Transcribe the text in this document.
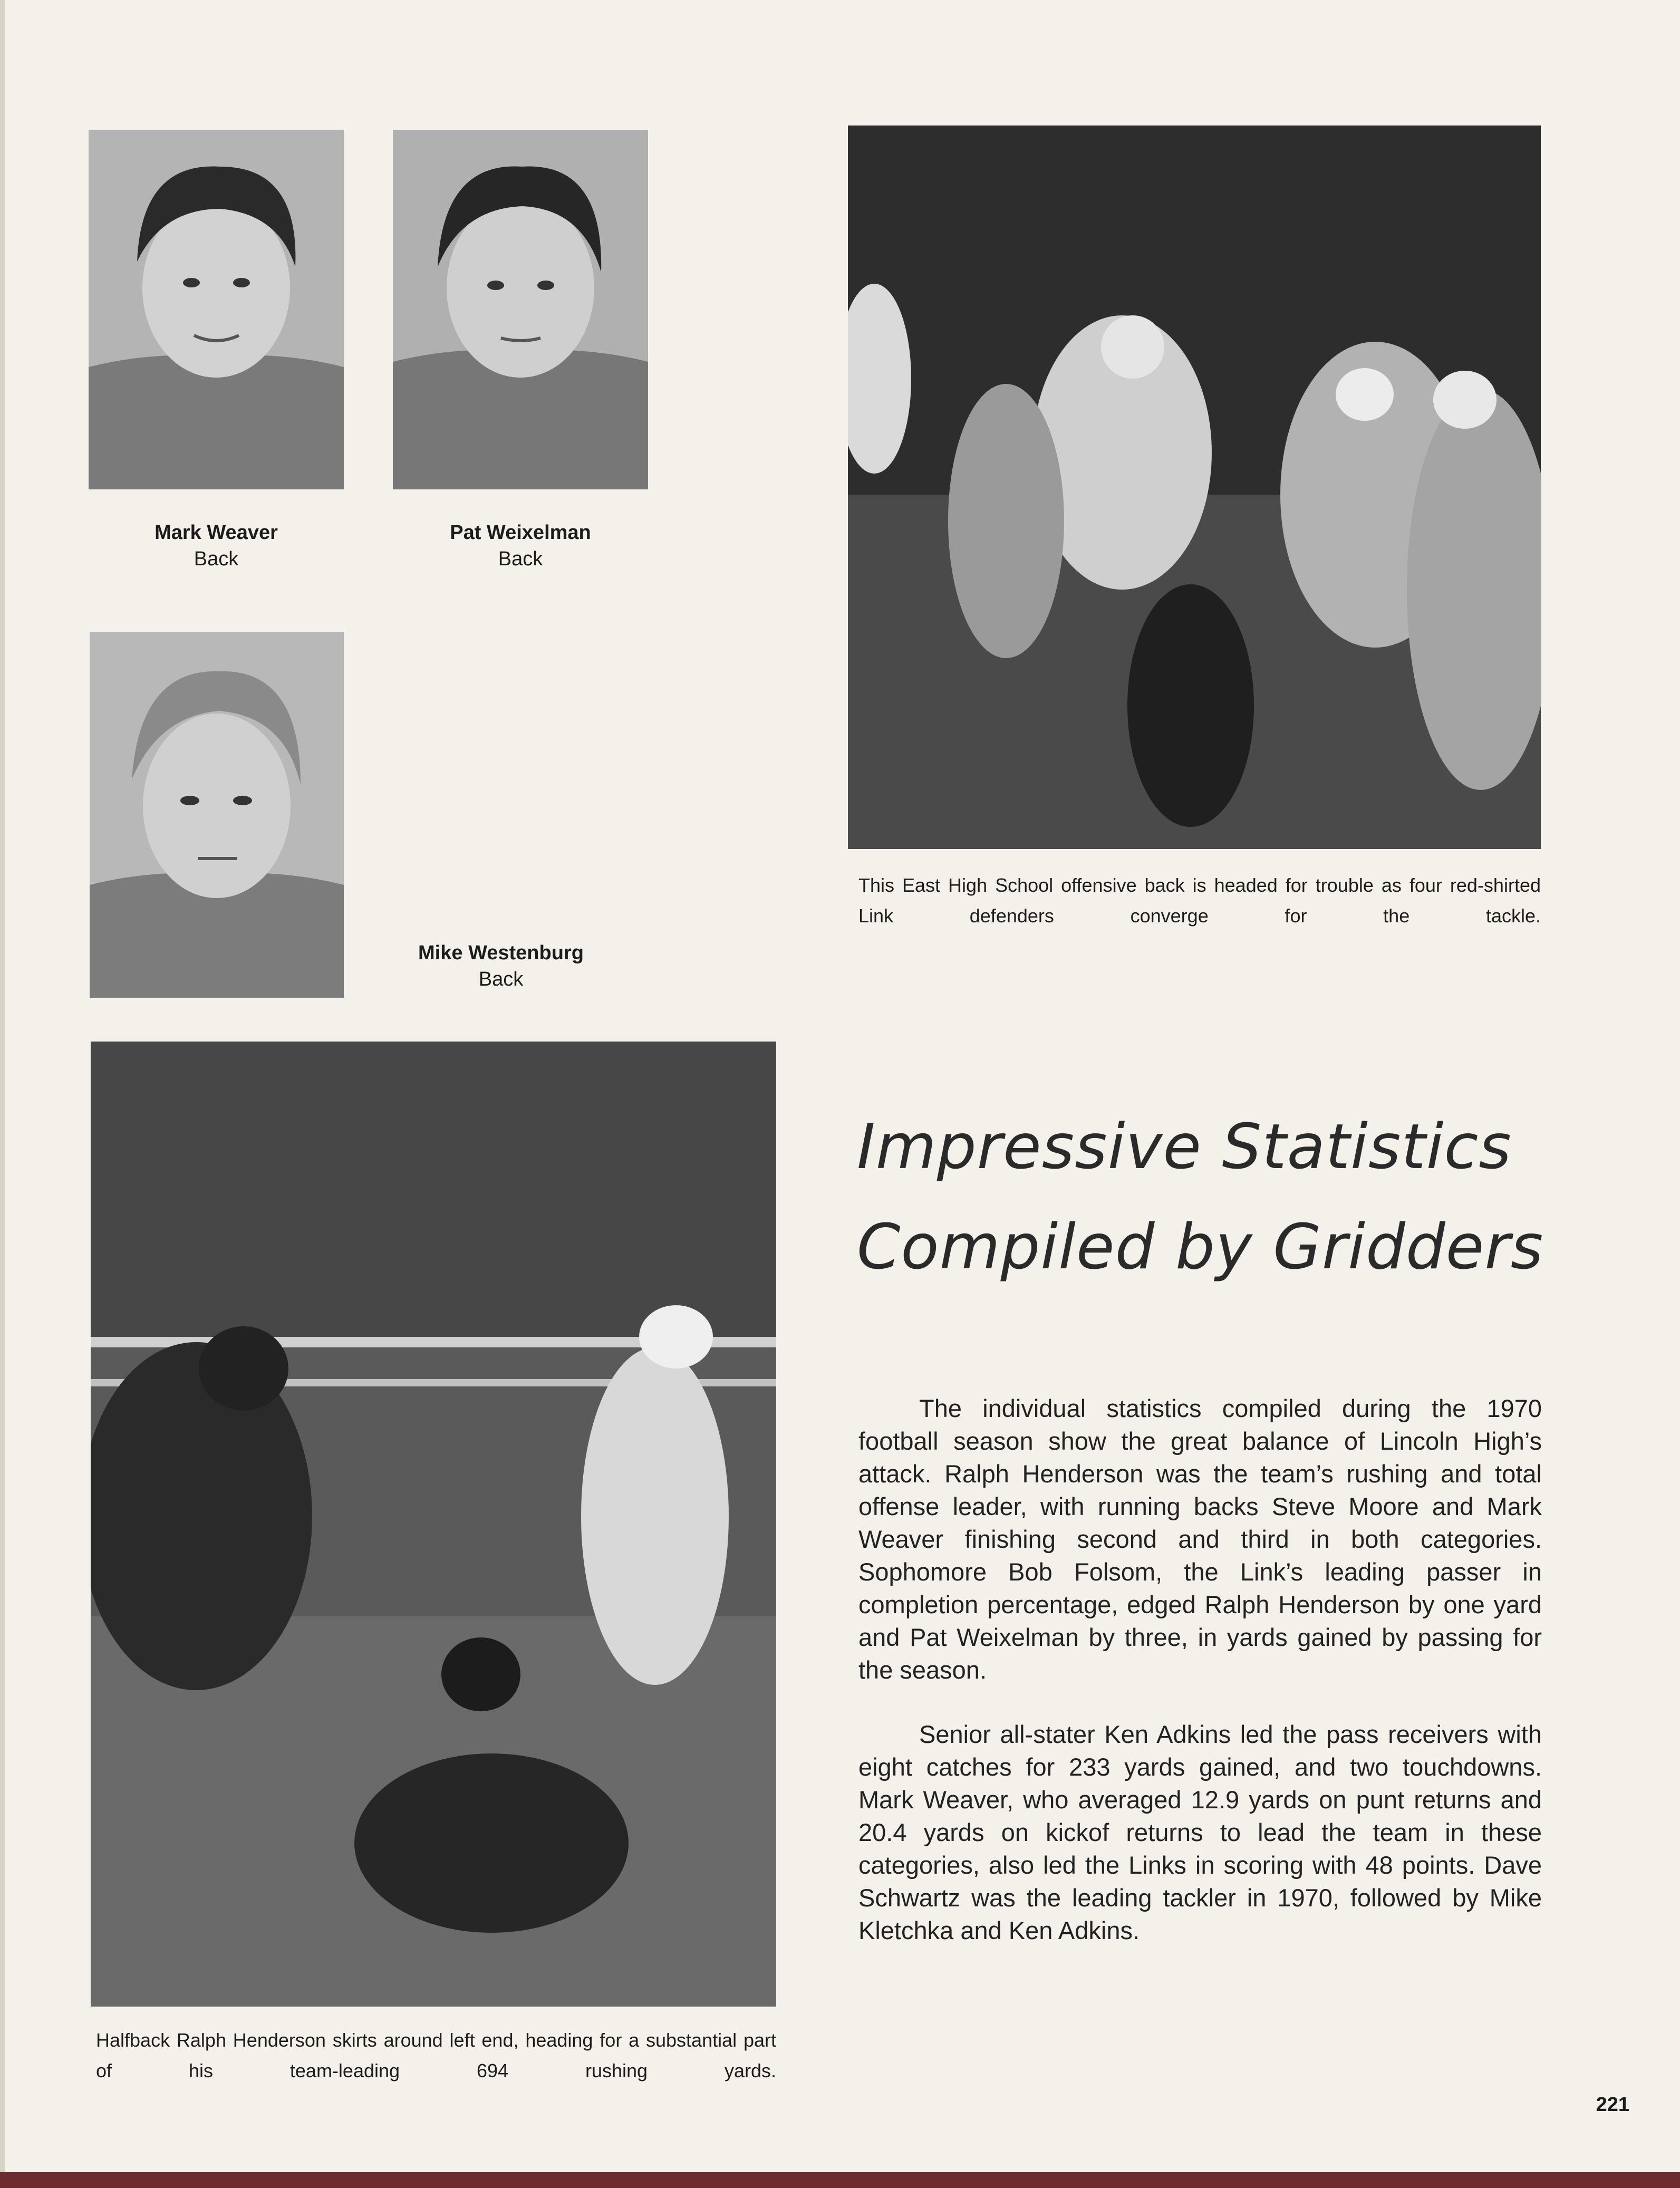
Mark Weaver
Back
Pat Weixelman
Back
Mike Westenburg
Back
This East High School offensive back is headed for trouble as four red-shirted Link defenders converge for the tackle.
Halfback Ralph Henderson skirts around left end, heading for a substantial part of his team-leading 694 rushing yards.
Impressive Statistics
Compiled by Gridders

The individual statistics compiled during the 1970 football season show the great balance of Lincoln High’s attack. Ralph Henderson was the team’s rushing and total offense leader, with running backs Steve Moore and Mark Weaver finishing second and third in both categories. Sophomore Bob Folsom, the Link’s leading passer in completion percentage, edged Ralph Henderson by one yard and Pat Weixelman by three, in yards gained by passing for the season.

Senior all-stater Ken Adkins led the pass receivers with eight catches for 233 yards gained, and two touchdowns. Mark Weaver, who averaged 12.9 yards on punt returns and 20.4 yards on kickof returns to lead the team in these categories, also led the Links in scoring with 48 points. Dave Schwartz was the leading tackler in 1970, followed by Mike Kletchka and Ken Adkins.

221
